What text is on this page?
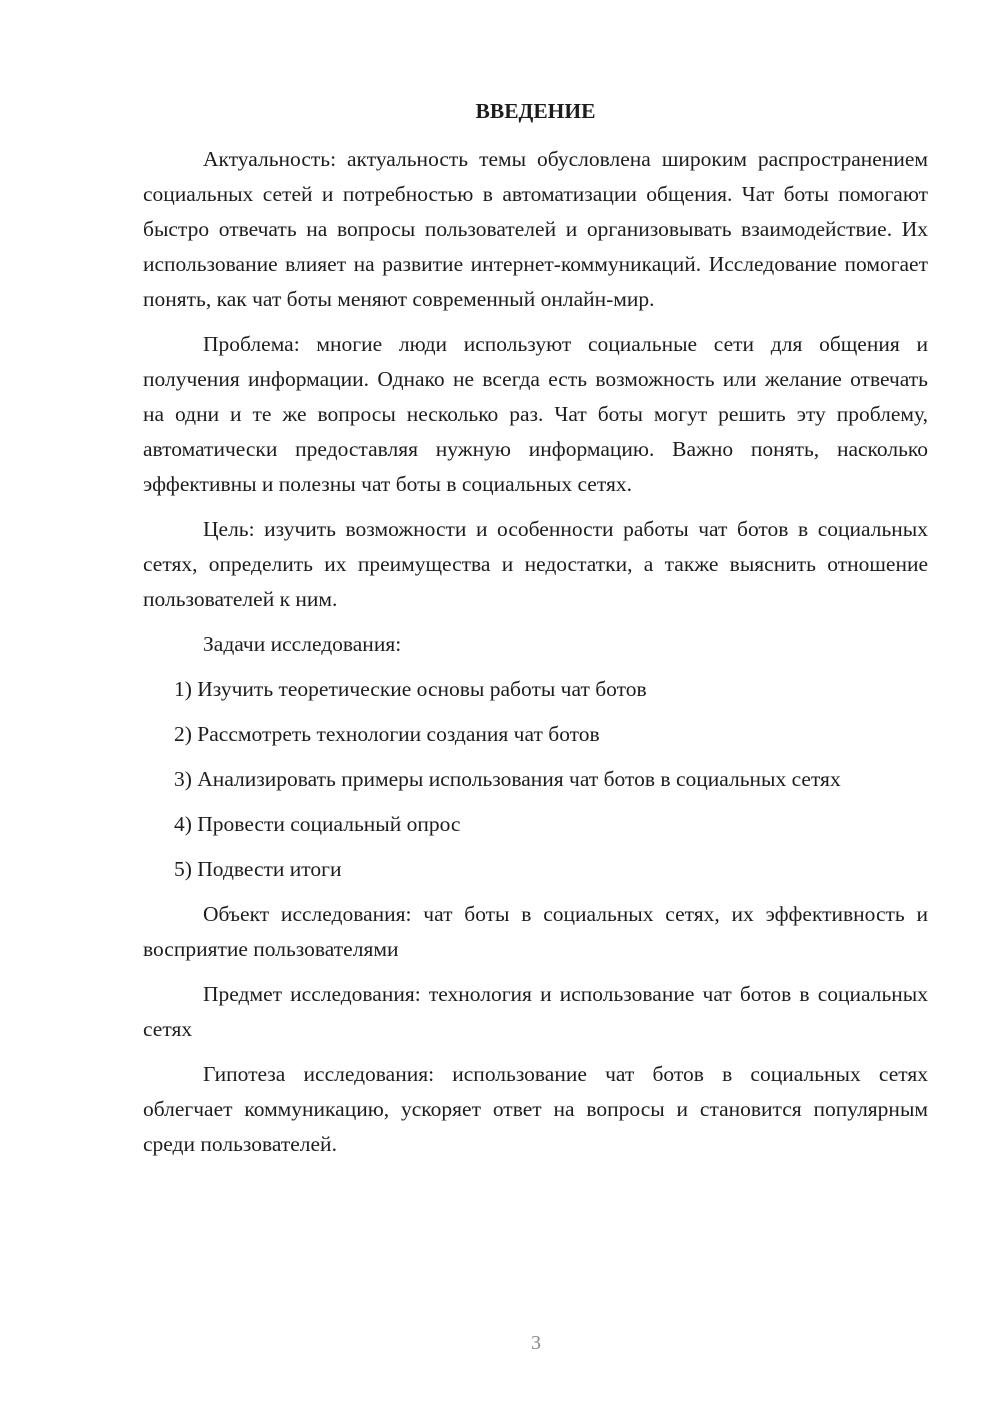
ВВЕДЕНИЕ

Актуальность: актуальность темы обусловлена широким распространением социальных сетей и потребностью в автоматизации общения. Чат боты помогают быстро отвечать на вопросы пользователей и организовывать взаимодействие. Их использование влияет на развитие интернет-коммуникаций. Исследование помогает понять, как чат боты меняют современный онлайн-мир.

Проблема: многие люди используют социальные сети для общения и получения информации. Однако не всегда есть возможность или желание отвечать на одни и те же вопросы несколько раз. Чат боты могут решить эту проблему, автоматически предоставляя нужную информацию. Важно понять, насколько эффективны и полезны чат боты в социальных сетях.

Цель: изучить возможности и особенности работы чат ботов в социальных сетях, определить их преимущества и недостатки, а также выяснить отношение пользователей к ним.

Задачи исследования:

1) Изучить теоретические основы работы чат ботов

2) Рассмотреть технологии создания чат ботов

3) Анализировать примеры использования чат ботов в социальных сетях

4) Провести социальный опрос

5) Подвести итоги

Объект исследования: чат боты в социальных сетях, их эффективность и восприятие пользователями

Предмет исследования: технология и использование чат ботов в социальных сетях

Гипотеза исследования: использование чат ботов в социальных сетях облегчает коммуникацию, ускоряет ответ на вопросы и становится популярным среди пользователей.

3
